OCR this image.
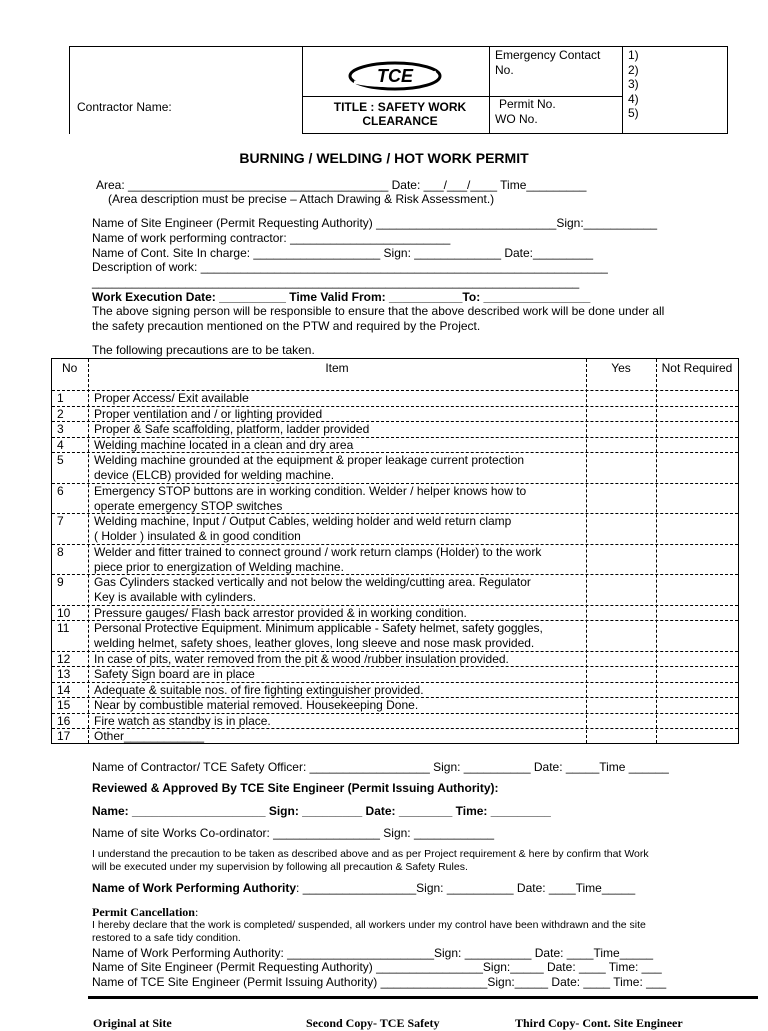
Contractor Name:
TCE
TITLE : SAFETY WORK CLEARANCE
Emergency Contact No.
1)
2)
3)
4)
5)
Permit No.
WO No.
BURNING / WELDING / HOT WORK PERMIT
Area: _______________________________________ Date: ___/___/____ Time_________
(Area description must be precise – Attach Drawing & Risk Assessment.)
Name of Site Engineer (Permit Requesting Authority) ___________________________Sign:___________
Name of work performing contractor: ________________________
Name of Cont. Site In charge: ___________________ Sign: _____________ Date:_________
Description of work: _____________________________________________________________
_________________________________________________________________________
Work Execution Date: __________ Time Valid From: ___________To: ________________
The above signing person will be responsible to ensure that the above described work will be done under all
the safety precaution mentioned on the PTW and required by the Project.
The following precautions are to be taken.
No	Item	Yes	Not Required
1	Proper Access/ Exit available
2	Proper ventilation and / or lighting provided
3	Proper & Safe scaffolding, platform, ladder provided
4	Welding machine located in a clean and dry area
5	Welding machine grounded at the equipment & proper leakage current protection
device (ELCB) provided for welding machine.
6	Emergency STOP buttons are in working condition. Welder / helper knows how to
operate emergency STOP switches
7	Welding machine, Input / Output Cables, welding holder and weld return clamp
( Holder ) insulated & in good condition
8	Welder and fitter trained to connect ground / work return clamps (Holder) to the work
piece prior to energization of Welding machine.
9	Gas Cylinders stacked vertically and not below the welding/cutting area. Regulator
Key is available with cylinders.
10 Pressure gauges/ Flash back arrestor provided & in working condition.
11 Personal Protective Equipment. Minimum applicable - Safety helmet, safety goggles,
welding helmet, safety shoes, leather gloves, long sleeve and nose mask provided.
12 In case of pits, water removed from the pit & wood /rubber insulation provided.
13 Safety Sign board are in place
14 Adequate & suitable nos. of fire fighting extinguisher provided.
15 Near by combustible material removed. Housekeeping Done.
16 Fire watch as standby is in place.
17 Other____________
Name of Contractor/ TCE Safety Officer: __________________ Sign: __________ Date: _____Time ______
Reviewed & Approved By TCE Site Engineer (Permit Issuing Authority):
Name: ____________________ Sign: _________ Date: ________ Time: _________
Name of site Works Co-ordinator: ________________ Sign: ____________
I understand the precaution to be taken as described above and as per Project requirement & here by confirm that Work
will be executed under my supervision by following all precaution & Safety Rules.
Name of Work Performing Authority: _________________Sign: __________ Date: ____Time_____
Permit Cancellation:
I hereby declare that the work is completed/ suspended, all workers under my control have been withdrawn and the site
restored to a safe tidy condition.
Name of Work Performing Authority: ______________________Sign: __________ Date: ____Time_____
Name of Site Engineer (Permit Requesting Authority) ________________Sign:_____ Date: ____ Time: ___
Name of TCE Site Engineer (Permit Issuing Authority) ________________Sign:_____ Date: ____ Time: ___
Original at Site	Second Copy- TCE Safety	Third Copy- Cont. Site Engineer
